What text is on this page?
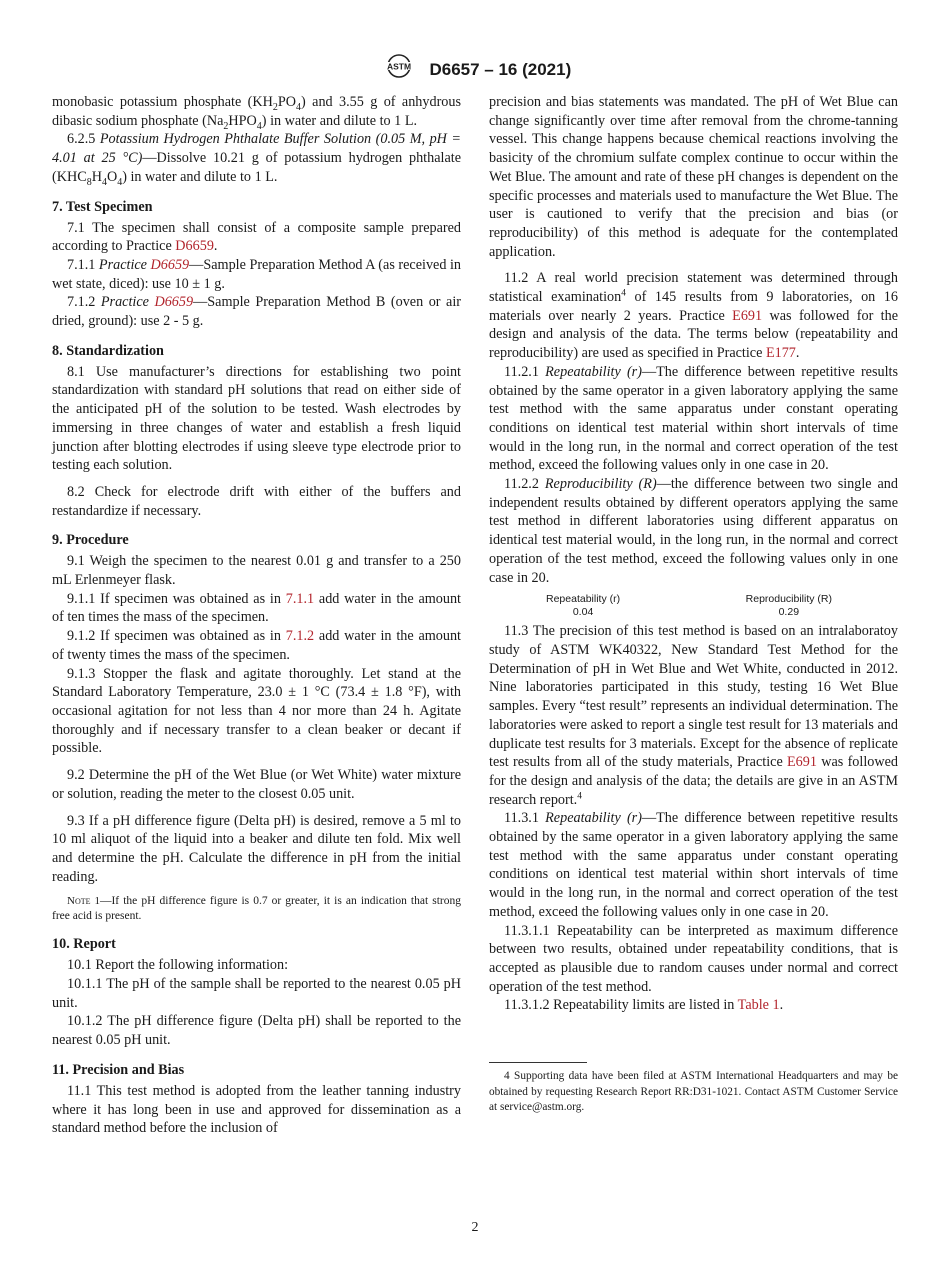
ASTM D6657 – 16 (2021)

monobasic potassium phosphate $(KH_2PO_4)$ and 3.55 g of anhydrous dibasic sodium phosphate $(Na_2HPO_4)$ in water and dilute to 1 L.

6.2.5 Potassium Hydrogen Phthalate Buffer Solution (0.05 M, pH = 4.01 at 25 °C)—Dissolve 10.21 g of potassium hydrogen phthalate $(KHC_8H_4O_4)$ in water and dilute to 1 L.

7. Test Specimen

7.1 The specimen shall consist of a composite sample prepared according to Practice D6659.

7.1.1 Practice D6659—Sample Preparation Method A (as received in wet state, diced): use 10 ± 1 g.

7.1.2 Practice D6659—Sample Preparation Method B (oven or air dried, ground): use 2 - 5 g.

8. Standardization

8.1 Use manufacturer’s directions for establishing two point standardization with standard pH solutions that read on either side of the anticipated pH of the solution to be tested. Wash electrodes by immersing in three changes of water and establish a fresh liquid junction after blotting electrodes if using sleeve type electrode prior to testing each solution.

8.2 Check for electrode drift with either of the buffers and restandardize if necessary.

9. Procedure

9.1 Weigh the specimen to the nearest 0.01 g and transfer to a 250 mL Erlenmeyer flask.

9.1.1 If specimen was obtained as in 7.1.1 add water in the amount of ten times the mass of the specimen.

9.1.2 If specimen was obtained as in 7.1.2 add water in the amount of twenty times the mass of the specimen.

9.1.3 Stopper the flask and agitate thoroughly. Let stand at the Standard Laboratory Temperature, 23.0 ± 1 °C (73.4 ± 1.8 °F), with occasional agitation for not less than 4 nor more than 24 h. Agitate thoroughly and if necessary transfer to a clean beaker or decant if possible.

9.2 Determine the pH of the Wet Blue (or Wet White) water mixture or solution, reading the meter to the closest 0.05 unit.

9.3 If a pH difference figure (Delta pH) is desired, remove a 5 ml to 10 ml aliquot of the liquid into a beaker and dilute ten fold. Mix well and determine the pH. Calculate the difference in pH from the initial reading.

Note 1—If the pH difference figure is 0.7 or greater, it is an indication that strong free acid is present.

10. Report

10.1 Report the following information:

10.1.1 The pH of the sample shall be reported to the nearest 0.05 pH unit.

10.1.2 The pH difference figure (Delta pH) shall be reported to the nearest 0.05 pH unit.

11. Precision and Bias

11.1 This test method is adopted from the leather tanning industry where it has long been in use and approved for dissemination as a standard method before the inclusion of

precision and bias statements was mandated. The pH of Wet Blue can change significantly over time after removal from the chrome-tanning vessel. This change happens because chemical reactions involving the basicity of the chromium sulfate complex continue to occur within the Wet Blue. The amount and rate of these pH changes is dependent on the specific processes and materials used to manufacture the Wet Blue. The user is cautioned to verify that the precision and bias (or reproducibility) of this method is adequate for the contemplated application.

11.2 A real world precision statement was determined through statistical examination$^4$ of 145 results from 9 laboratories, on 16 materials over nearly 2 years. Practice E691 was followed for the design and analysis of the data. The terms below (repeatability and reproducibility) are used as specified in Practice E177.

11.2.1 Repeatability (r)—The difference between repetitive results obtained by the same operator in a given laboratory applying the same test method with the same apparatus under constant operating conditions on identical test material within short intervals of time would in the long run, in the normal and correct operation of the test method, exceed the following values only in one case in 20.

11.2.2 Reproducibility (R)—the difference between two single and independent results obtained by different operators applying the same test method in different laboratories using different apparatus on identical test material would, in the long run, in the normal and correct operation of the test method, exceed the following values only in one case in 20.

Repeatability (r)
0.04
Reproducibility (R)
0.29

11.3 The precision of this test method is based on an intralaboratoy study of ASTM WK40322, New Standard Test Method for the Determination of pH in Wet Blue and Wet White, conducted in 2012. Nine laboratories participated in this study, testing 16 Wet Blue samples. Every “test result” represents an individual determination. The laboratories were asked to report a single test result for 13 materials and duplicate test results for 3 materials. Except for the absence of replicate test results from all of the study materials, Practice E691 was followed for the design and analysis of the data; the details are give in an ASTM research report.$^4$

11.3.1 Repeatability (r)—The difference between repetitive results obtained by the same operator in a given laboratory applying the same test method with the same apparatus under constant operating conditions on identical test material within short intervals of time would in the long run, in the normal and correct operation of the test method, exceed the following values only in one case in 20.

11.3.1.1 Repeatability can be interpreted as maximum difference between two results, obtained under repeatability conditions, that is accepted as plausible due to random causes under normal and correct operation of the test method.

11.3.1.2 Repeatability limits are listed in Table 1.

4 Supporting data have been filed at ASTM International Headquarters and may be obtained by requesting Research Report RR:D31-1021. Contact ASTM Customer Service at service@astm.org.

2
